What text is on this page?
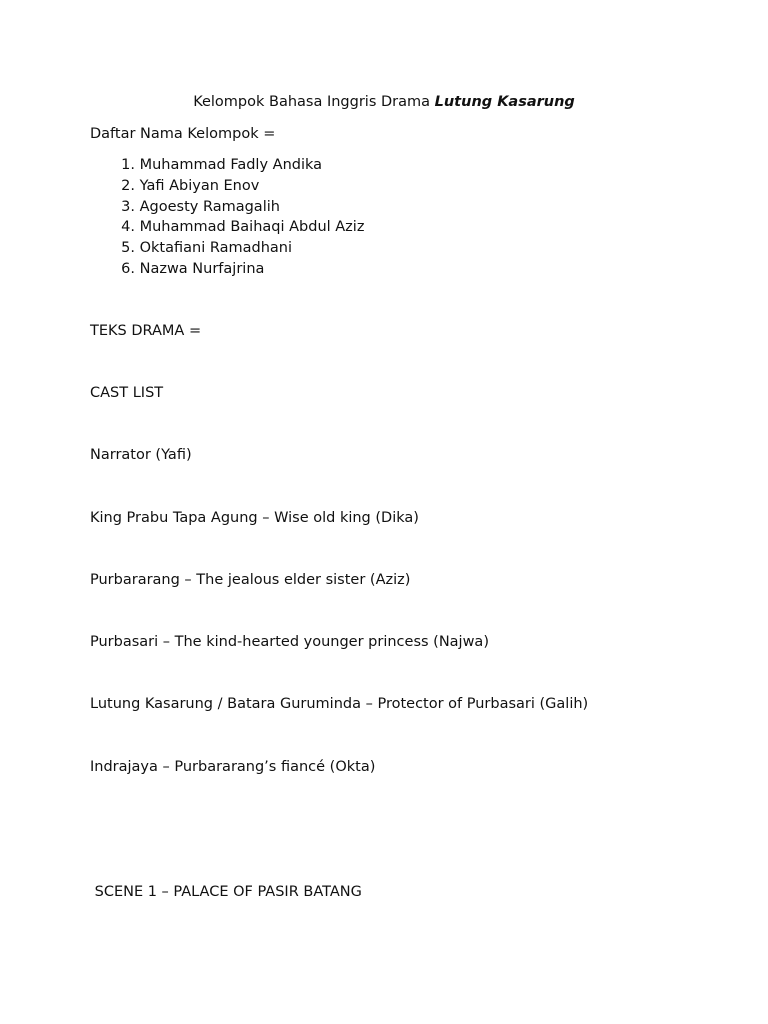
Kelompok Bahasa Inggris Drama Lutung Kasarung
Daftar Nama Kelompok =
1. Muhammad Fadly Andika
2. Yafi Abiyan Enov
3. Agoesty Ramagalih
4. Muhammad Baihaqi Abdul Aziz
5. Oktafiani Ramadhani
6. Nazwa Nurfajrina
TEKS DRAMA =
CAST LIST
Narrator (Yafi)
King Prabu Tapa Agung – Wise old king (Dika)
Purbararang – The jealous elder sister (Aziz)
Purbasari – The kind-hearted younger princess (Najwa)
Lutung Kasarung / Batara Guruminda – Protector of Purbasari (Galih)
Indrajaya – Purbararang’s fiancé (Okta)
SCENE 1 – PALACE OF PASIR BATANG
